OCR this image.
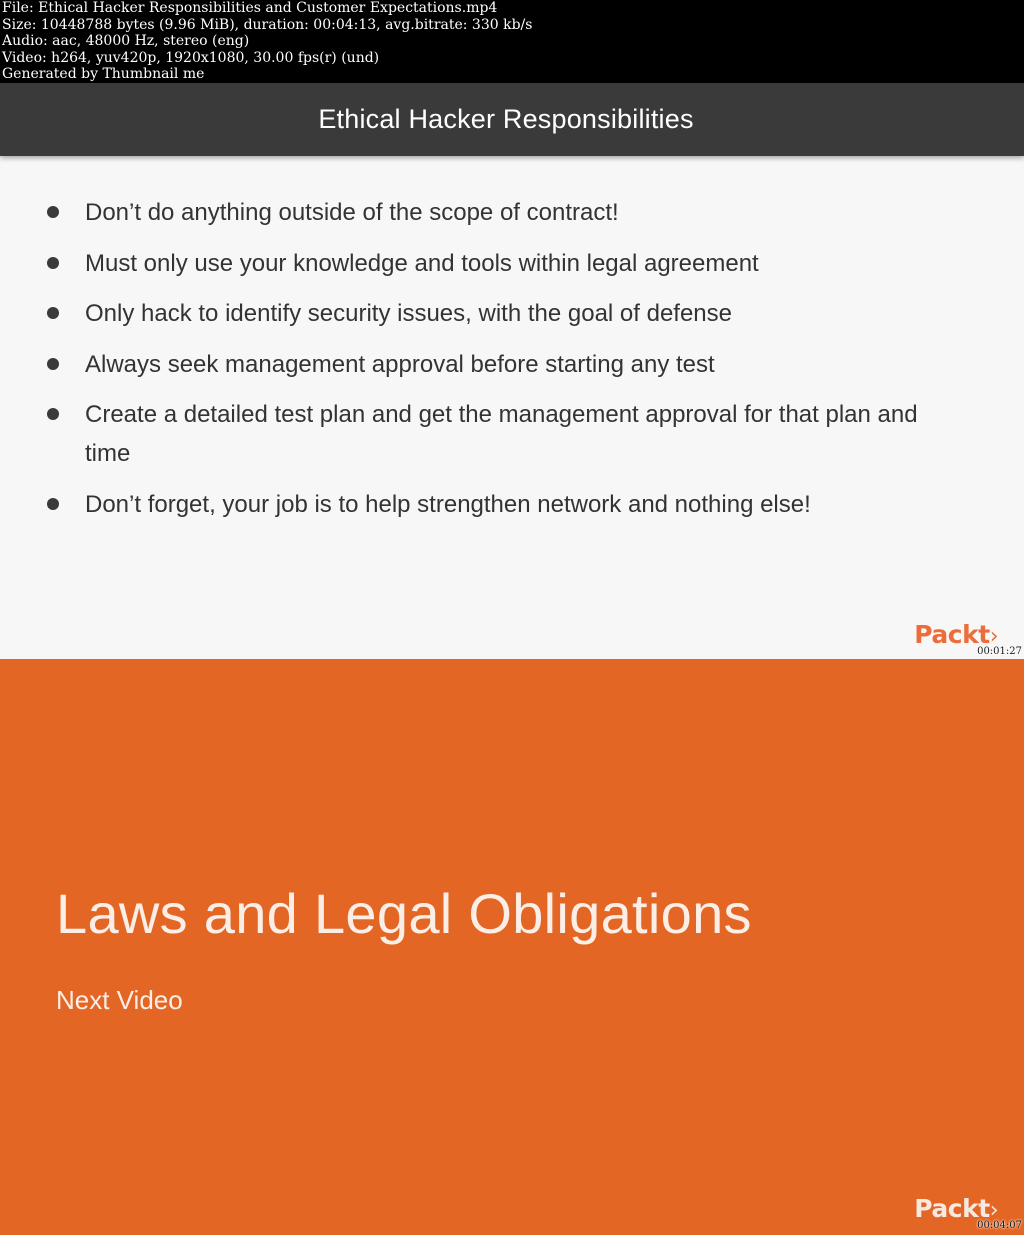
File: Ethical Hacker Responsibilities and Customer Expectations.mp4
Size: 10448788 bytes (9.96 MiB), duration: 00:04:13, avg.bitrate: 330 kb/s
Audio: aac, 48000 Hz, stereo (eng)
Video: h264, yuv420p, 1920x1080, 30.00 fps(r) (und)
Generated by Thumbnail me
Ethical Hacker Responsibilities
Don’t do anything outside of the scope of contract!
Must only use your knowledge and tools within legal agreement
Only hack to identify security issues, with the goal of defense
Always seek management approval before starting any test
Create a detailed test plan and get the management approval for that plan and time
Don’t forget, your job is to help strengthen network and nothing else!
Packt›
00:01:27
Laws and Legal Obligations
Next Video
Packt›
00:04:07
